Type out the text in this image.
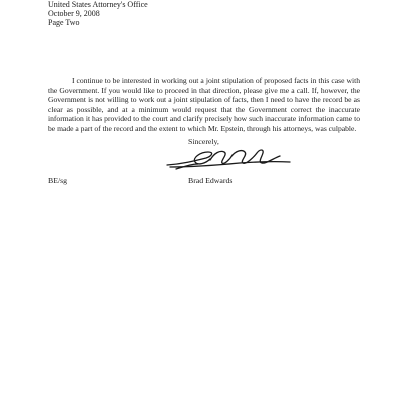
United States Attorney's Office
October 9, 2008
Page Two

I continue to be interested in working out a joint stipulation of proposed facts in this case with the Government. If you would like to proceed in that direction, please give me a call. If, however, the Government is not willing to work out a joint stipulation of facts, then I need to have the record be as clear as possible, and at a minimum would request that the Government correct the inaccurate information it has provided to the court and clarify precisely how such inaccurate information came to be made a part of the record and the extent to which Mr. Epstein, through his attorneys, was culpable.

Sincerely,
BE/sg	Brad Edwards
